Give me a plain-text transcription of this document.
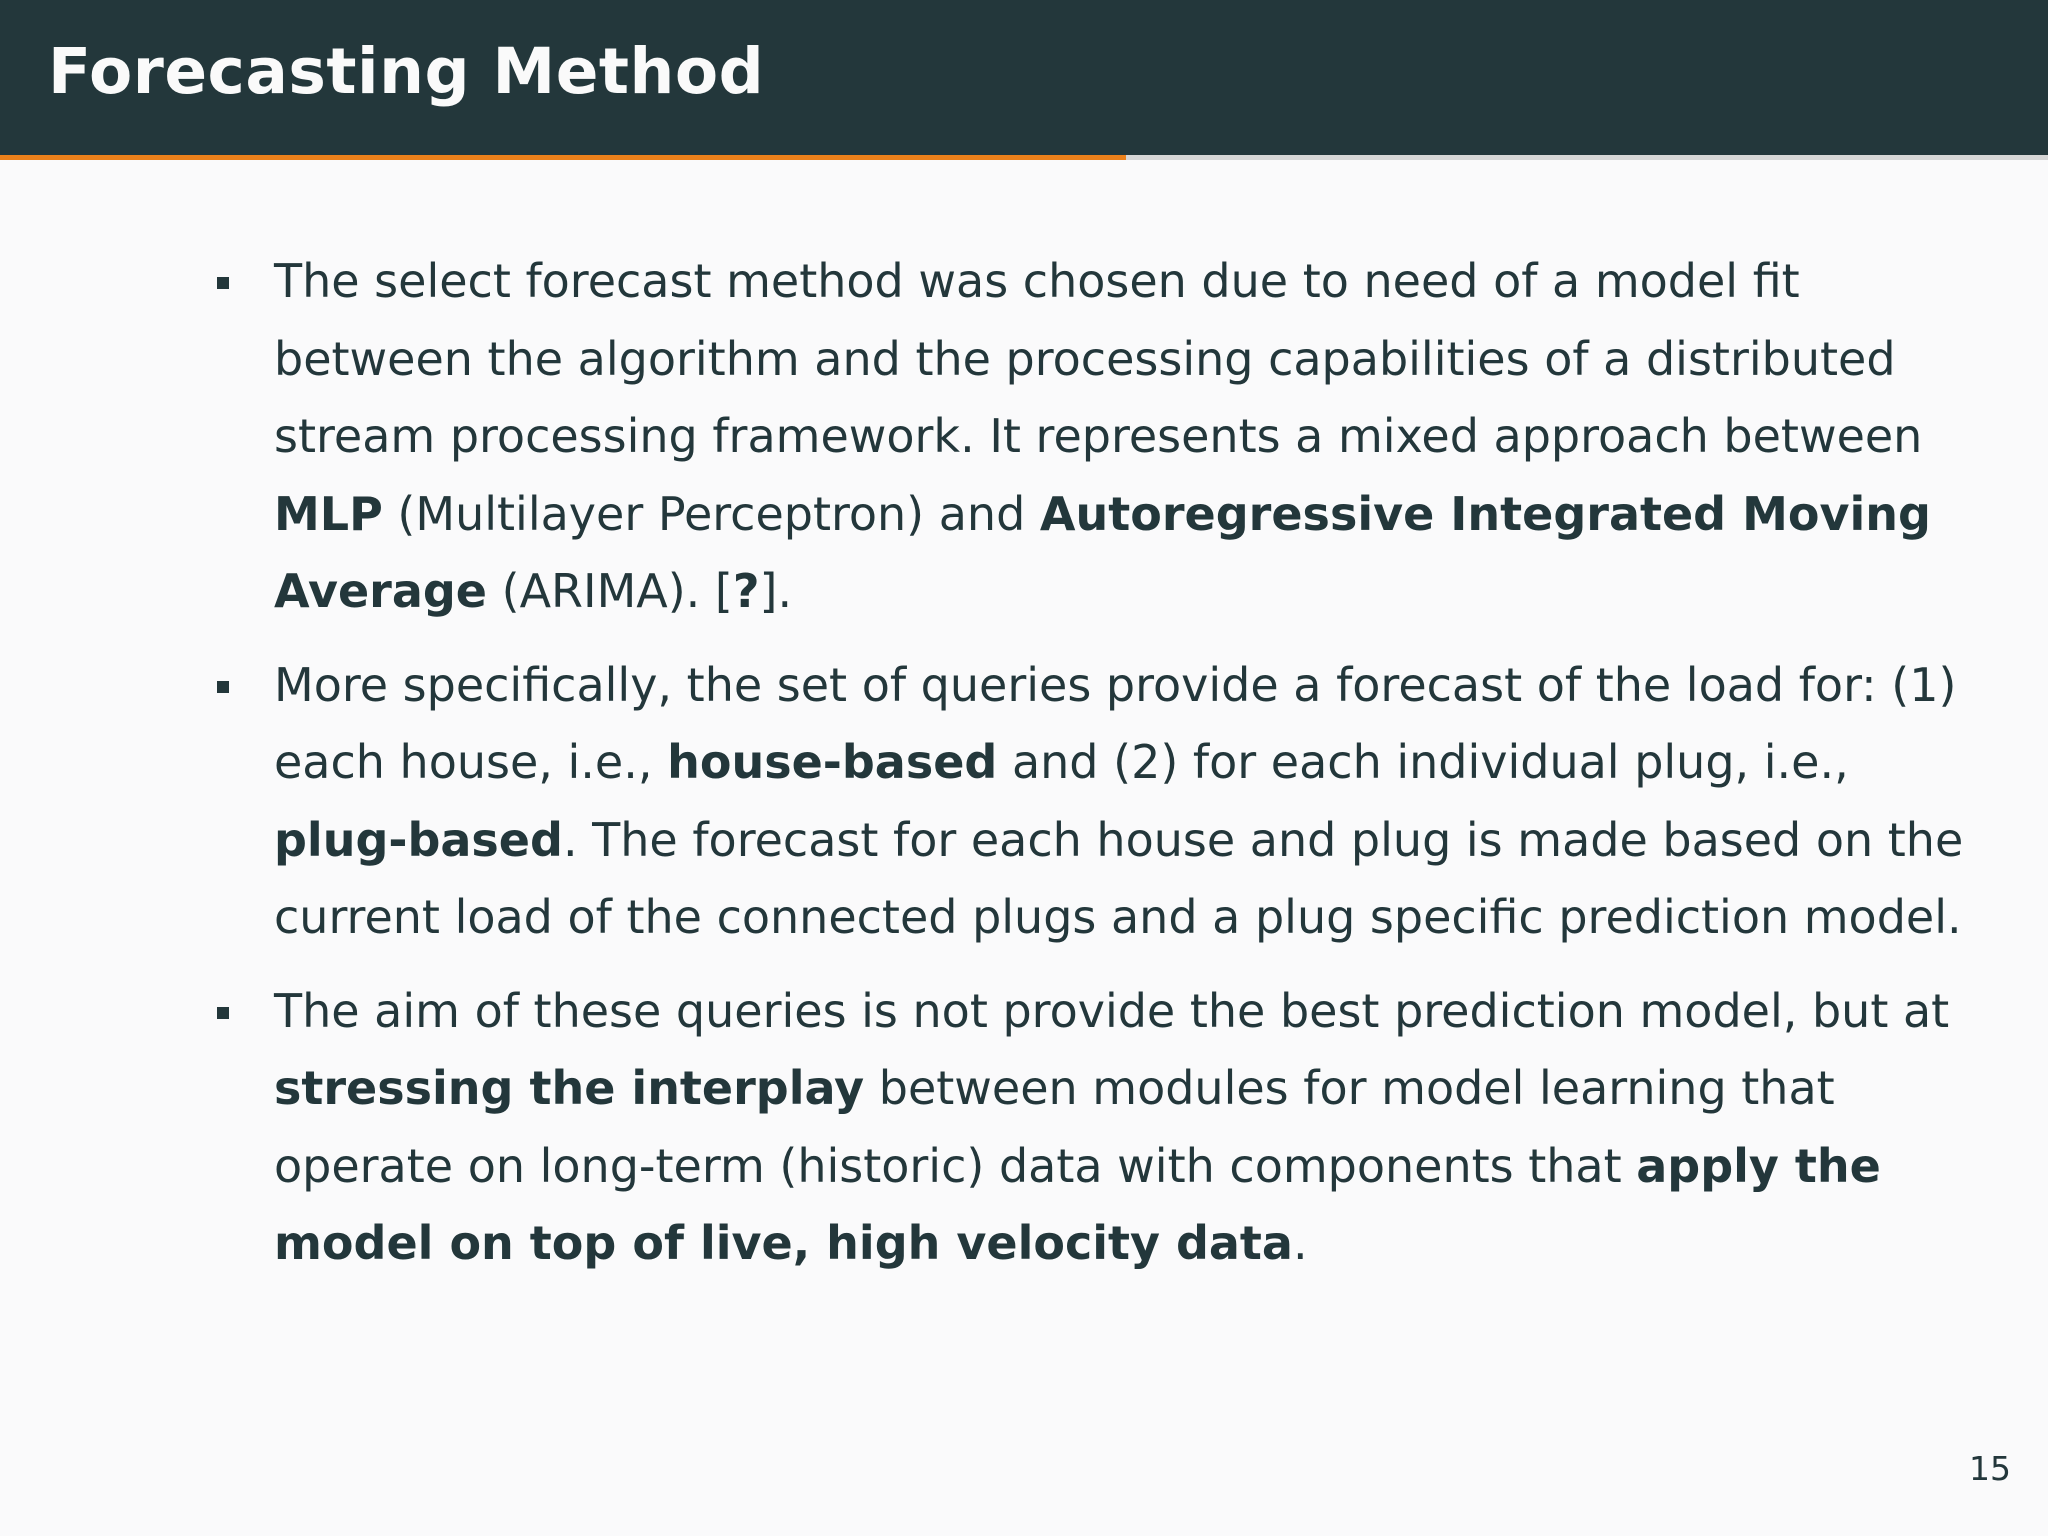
Forecasting Method
The select forecast method was chosen due to need of a model fit between the algorithm and the processing capabilities of a distributed stream processing framework. It represents a mixed approach between MLP (Multilayer Perceptron) and Autoregressive Integrated Moving Average (ARIMA). [?].
More specifically, the set of queries provide a forecast of the load for: (1) each house, i.e., house-based and (2) for each individual plug, i.e., plug-based. The forecast for each house and plug is made based on the current load of the connected plugs and a plug specific prediction model.
The aim of these queries is not provide the best prediction model, but at stressing the interplay between modules for model learning that operate on long-term (historic) data with components that apply the model on top of live, high velocity data.
15
